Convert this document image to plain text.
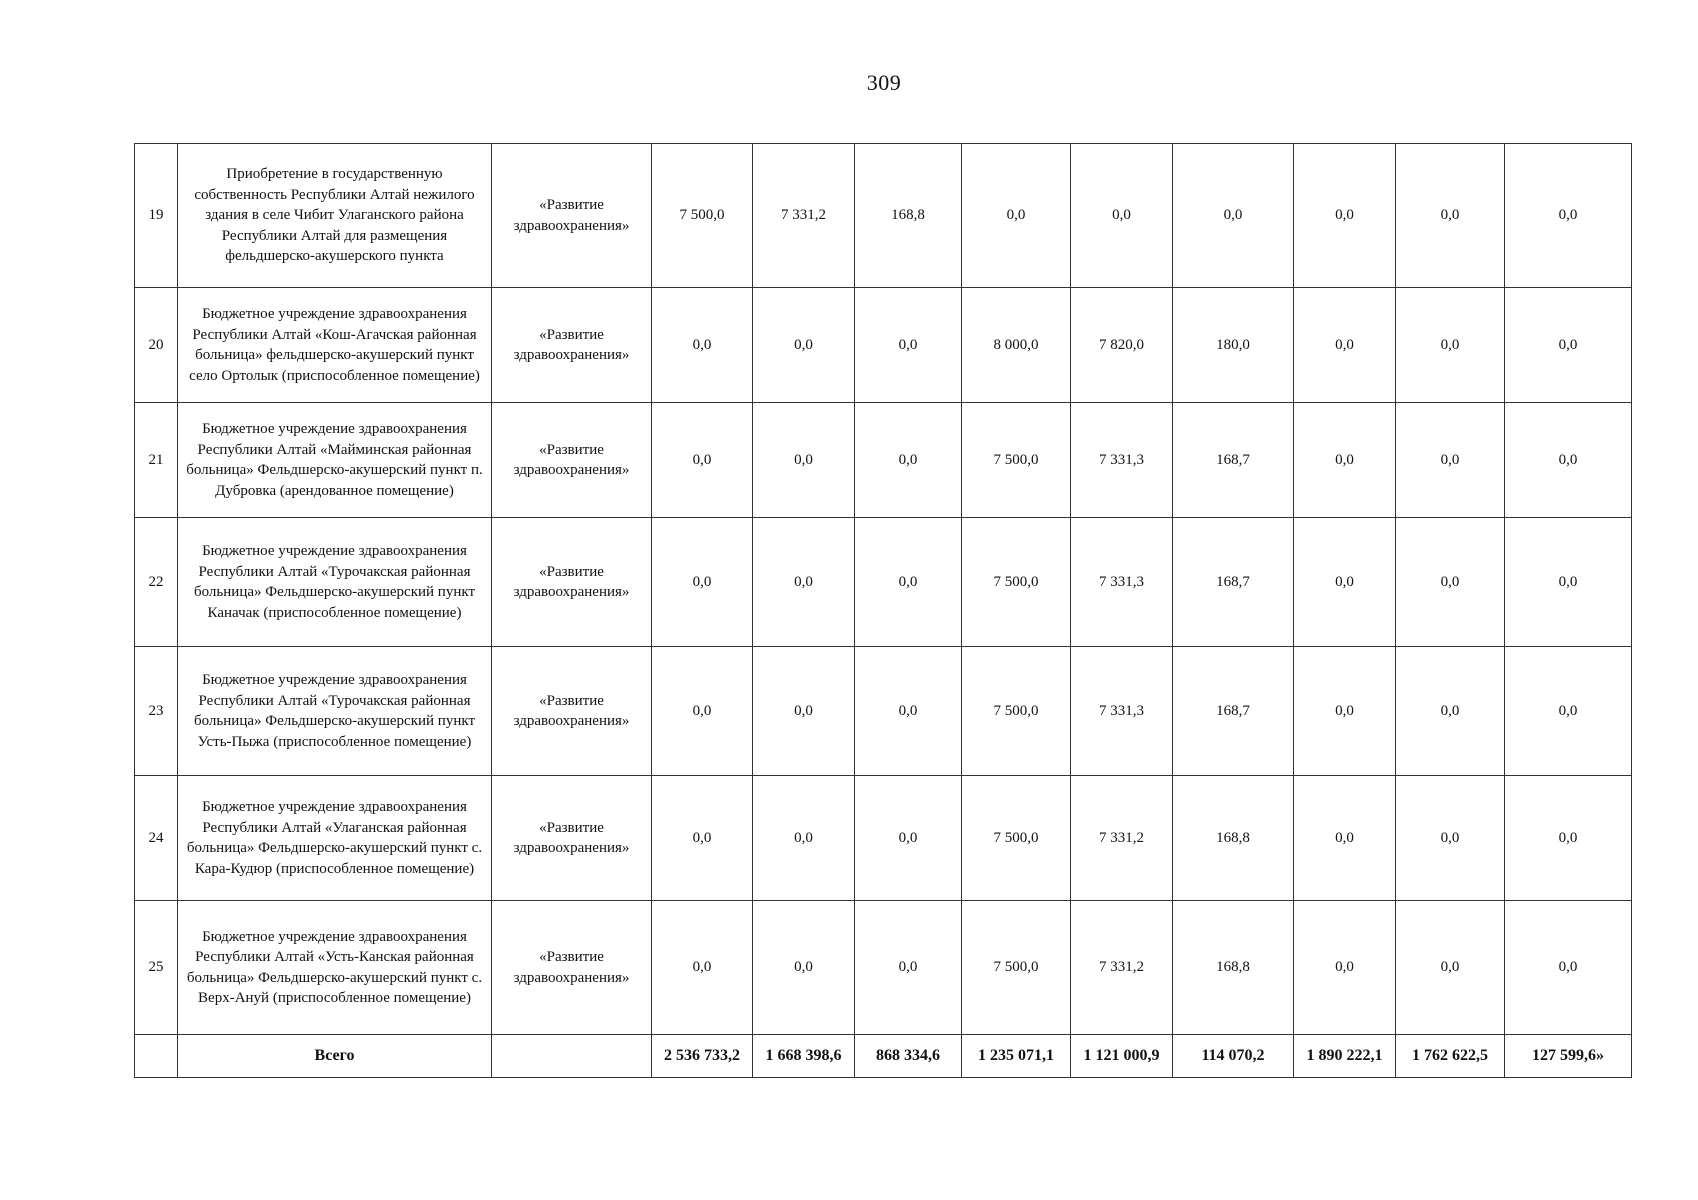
309
19	Приобретение в государственную собственность Республики Алтай нежилого здания в селе Чибит Улаганского района Республики Алтай для размещения фельдшерско-акушерского пункта	«Развитие здравоохранения»	7 500,0	7 331,2	168,8	0,0	0,0	0,0	0,0	0,0	0,0
20	Бюджетное учреждение здравоохранения Республики Алтай «Кош-Агачская районная больница» фельдшерско-акушерский пункт село Ортолык (приспособленное помещение)	«Развитие здравоохранения»	0,0	0,0	0,0	8 000,0	7 820,0	180,0	0,0	0,0	0,0
21	Бюджетное учреждение здравоохранения Республики Алтай «Майминская районная больница» Фельдшерско-акушерский пункт п. Дубровка (арендованное помещение)	«Развитие здравоохранения»	0,0	0,0	0,0	7 500,0	7 331,3	168,7	0,0	0,0	0,0
22	Бюджетное учреждение здравоохранения Республики Алтай «Турочакская районная больница» Фельдшерско-акушерский пункт Каначак (приспособленное помещение)	«Развитие здравоохранения»	0,0	0,0	0,0	7 500,0	7 331,3	168,7	0,0	0,0	0,0
23	Бюджетное учреждение здравоохранения Республики Алтай «Турочакская районная больница» Фельдшерско-акушерский пункт Усть-Пыжа (приспособленное помещение)	«Развитие здравоохранения»	0,0	0,0	0,0	7 500,0	7 331,3	168,7	0,0	0,0	0,0
24	Бюджетное учреждение здравоохранения Республики Алтай «Улаганская районная больница» Фельдшерско-акушерский пункт с. Кара-Кудюр (приспособленное помещение)	«Развитие здравоохранения»	0,0	0,0	0,0	7 500,0	7 331,2	168,8	0,0	0,0	0,0
25	Бюджетное учреждение здравоохранения Республики Алтай «Усть-Канская районная больница» Фельдшерско-акушерский пункт с. Верх-Ануй (приспособленное помещение)	«Развитие здравоохранения»	0,0	0,0	0,0	7 500,0	7 331,2	168,8	0,0	0,0	0,0
	Всего		2 536 733,2	1 668 398,6	868 334,6	1 235 071,1	1 121 000,9	114 070,2	1 890 222,1	1 762 622,5	127 599,6»
